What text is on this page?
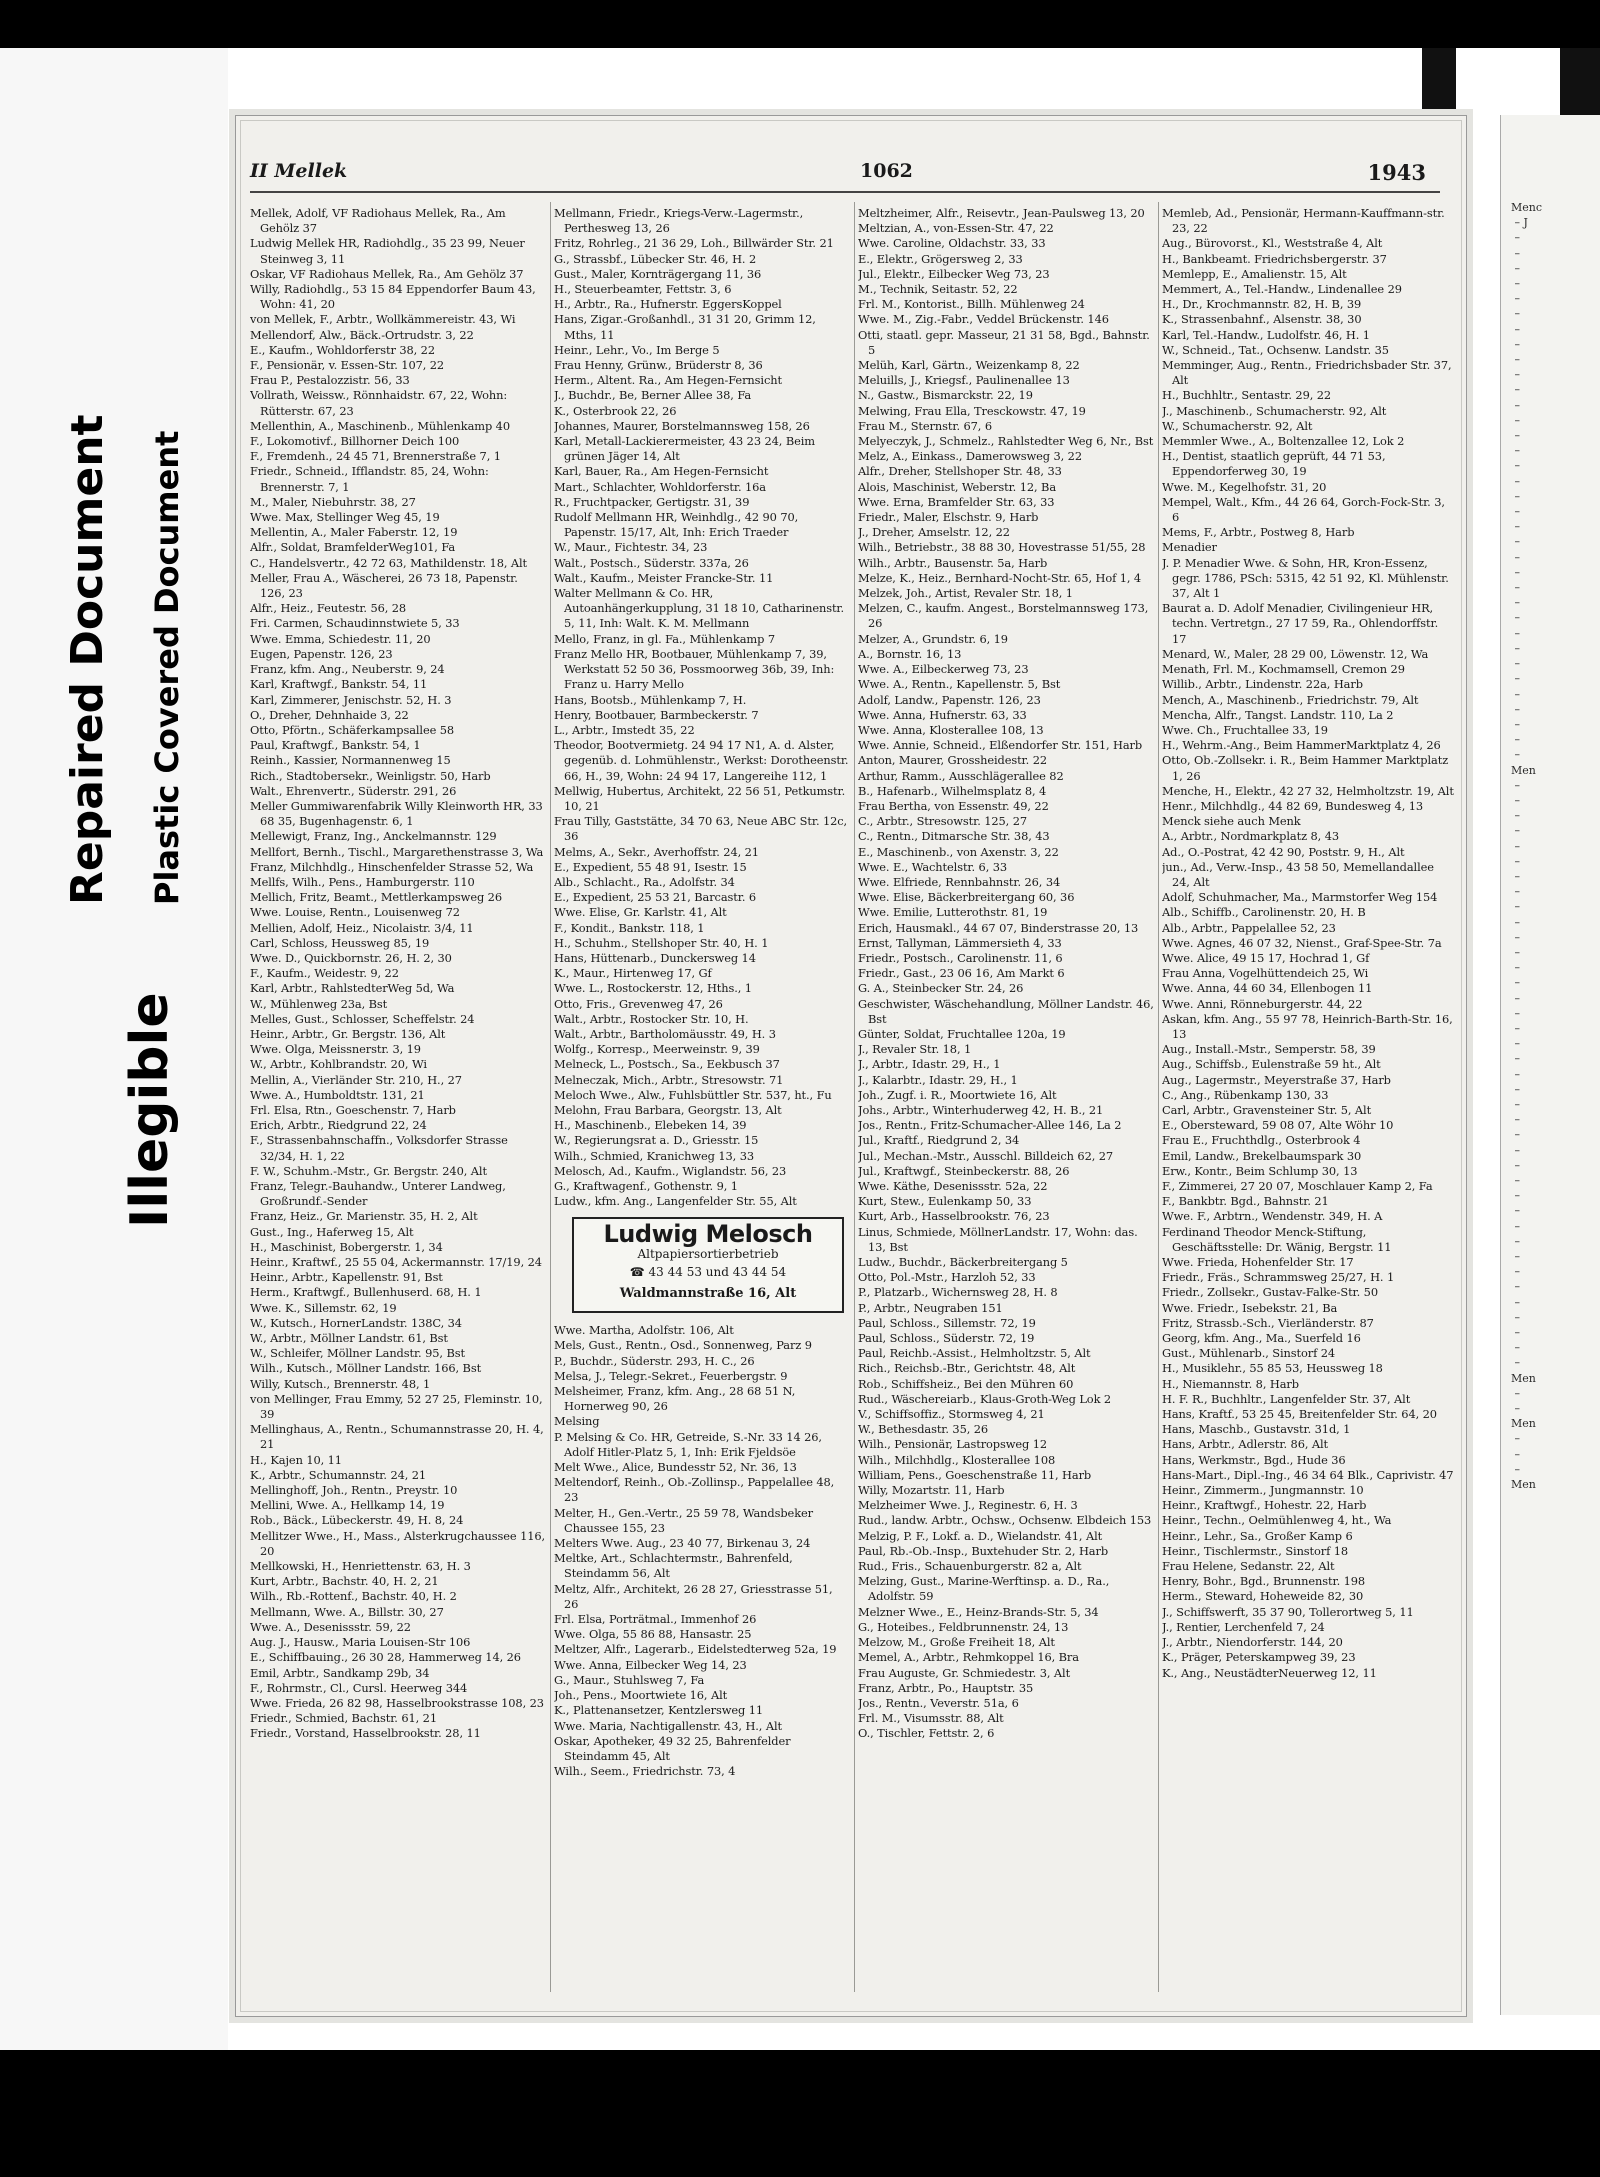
Repaired Document Plastic Covered Document
Illegible
II Mellek	1062	1943

Mellek, Adolf, VF Radiohaus Mellek, Ra., Am Gehölz 37

Ludwig Mellek HR, Radiohdlg., 35 23 99, Neuer Steinweg 3, 11

Oskar, VF Radiohaus Mellek, Ra., Am Gehölz 37

Willy, Radiohdlg., 53 15 84 Eppendorfer Baum 43, Wohn: 41, 20

von Mellek, F., Arbtr., Wollkämmereistr. 43, Wi

Mellendorf, Alw., Bäck.-Ortrudstr. 3, 22

E., Kaufm., Wohldorferstr 38, 22

F., Pensionär, v. Essen-Str. 107, 22

Frau P., Pestalozzistr. 56, 33

Vollrath, Weissw., Rönnhaidstr. 67, 22, Wohn: Rütterstr. 67, 23

Mellenthin, A., Maschinenb., Mühlenkamp 40

F., Lokomotivf., Billhorner Deich 100

F., Fremdenh., 24 45 71, Brennerstraße 7, 1

Friedr., Schneid., Ifflandstr. 85, 24, Wohn: Brennerstr. 7, 1

M., Maler, Niebuhrstr. 38, 27

Wwe. Max, Stellinger Weg 45, 19

Mellentin, A., Maler Faberstr. 12, 19

Alfr., Soldat, BramfelderWeg101, Fa

C., Handelsvertr., 42 72 63, Mathildenstr. 18, Alt

Meller, Frau A., Wäscherei, 26 73 18, Papenstr. 126, 23

Alfr., Heiz., Feutestr. 56, 28

Fri. Carmen, Schaudinnstwiete 5, 33

Wwe. Emma, Schiedestr. 11, 20

Eugen, Papenstr. 126, 23

Franz, kfm. Ang., Neuberstr. 9, 24

Karl, Kraftwgf., Bankstr. 54, 11

Karl, Zimmerer, Jenischstr. 52, H. 3

O., Dreher, Dehnhaide 3, 22

Otto, Pförtn., Schäferkampsallee 58

Paul, Kraftwgf., Bankstr. 54, 1

Reinh., Kassier, Normannenweg 15

Rich., Stadtobersekr., Weinligstr. 50, Harb

Walt., Ehrenvertr., Süderstr. 291, 26

Meller Gummiwarenfabrik Willy Kleinworth HR, 33 68 35, Bugenhagenstr. 6, 1

Mellewigt, Franz, Ing., Anckelmannstr. 129

Mellfort, Bernh., Tischl., Margarethenstrasse 3, Wa

Franz, Milchhdlg., Hinschenfelder Strasse 52, Wa

Mellfs, Wilh., Pens., Hamburgerstr. 110

Mellich, Fritz, Beamt., Mettlerkampsweg 26

Wwe. Louise, Rentn., Louisenweg 72

Mellien, Adolf, Heiz., Nicolaistr. 3/4, 11

Carl, Schloss, Heussweg 85, 19

Wwe. D., Quickbornstr. 26, H. 2, 30

F., Kaufm., Weidestr. 9, 22

Karl, Arbtr., RahlstedterWeg 5d, Wa

W., Mühlenweg 23a, Bst

Melles, Gust., Schlosser, Scheffelstr. 24

Heinr., Arbtr., Gr. Bergstr. 136, Alt

Wwe. Olga, Meissnerstr. 3, 19

W., Arbtr., Kohlbrandstr. 20, Wi

Mellin, A., Vierländer Str. 210, H., 27

Wwe. A., Humboldtstr. 131, 21

Frl. Elsa, Rtn., Goeschenstr. 7, Harb

Erich, Arbtr., Riedgrund 22, 24

F., Strassenbahnschaffn., Volksdorfer Strasse 32/34, H. 1, 22

F. W., Schuhm.-Mstr., Gr. Bergstr. 240, Alt

Franz, Telegr.-Bauhandw., Unterer Landweg, Großrundf.-Sender

Franz, Heiz., Gr. Marienstr. 35, H. 2, Alt

Gust., Ing., Haferweg 15, Alt

H., Maschinist, Bobergerstr. 1, 34

Heinr., Kraftwf., 25 55 04, Ackermannstr. 17/19, 24

Heinr., Arbtr., Kapellenstr. 91, Bst

Herm., Kraftwgf., Bullenhuserd. 68, H. 1

Wwe. K., Sillemstr. 62, 19

W., Kutsch., HornerLandstr. 138C, 34

W., Arbtr., Möllner Landstr. 61, Bst

W., Schleifer, Möllner Landstr. 95, Bst

Wilh., Kutsch., Möllner Landstr. 166, Bst

Willy, Kutsch., Brennerstr. 48, 1

von Mellinger, Frau Emmy, 52 27 25, Fleminstr. 10, 39

Mellinghaus, A., Rentn., Schumannstrasse 20, H. 4, 21

H., Kajen 10, 11

K., Arbtr., Schumannstr. 24, 21

Mellinghoff, Joh., Rentn., Preystr. 10

Mellini, Wwe. A., Hellkamp 14, 19

Rob., Bäck., Lübeckerstr. 49, H. 8, 24

Mellitzer Wwe., H., Mass., Alsterkrugchaussee 116, 20

Mellkowski, H., Henriettenstr. 63, H. 3

Kurt, Arbtr., Bachstr. 40, H. 2, 21

Wilh., Rb.-Rottenf., Bachstr. 40, H. 2

Mellmann, Wwe. A., Billstr. 30, 27

Wwe. A., Desenissstr. 59, 22

Aug. J., Hausw., Maria Louisen-Str 106

E., Schiffbauing., 26 30 28, Hammerweg 14, 26

Emil, Arbtr., Sandkamp 29b, 34

F., Rohrmstr., Cl., Cursl. Heerweg 344

Wwe. Frieda, 26 82 98, Hasselbrookstrasse 108, 23

Friedr., Schmied, Bachstr. 61, 21

Friedr., Vorstand, Hasselbrookstr. 28, 11

Mellmann, Friedr., Kriegs-Verw.-Lagermstr., Perthesweg 13, 26

Fritz, Rohrleg., 21 36 29, Loh., Billwärder Str. 21

G., Strassbf., Lübecker Str. 46, H. 2

Gust., Maler, Kornträgergang 11, 36

H., Steuerbeamter, Fettstr. 3, 6

H., Arbtr., Ra., Hufnerstr. EggersKoppel

Hans, Zigar.-Großanhdl., 31 31 20, Grimm 12, Mths, 11

Heinr., Lehr., Vo., Im Berge 5

Frau Henny, Grünw., Brüderstr 8, 36

Herm., Altent. Ra., Am Hegen-Fernsicht

J., Buchdr., Be, Berner Allee 38, Fa

K., Osterbrook 22, 26

Johannes, Maurer, Borstelmannsweg 158, 26

Karl, Metall-Lackierermeister, 43 23 24, Beim grünen Jäger 14, Alt

Karl, Bauer, Ra., Am Hegen-Fernsicht

Mart., Schlachter, Wohldorferstr. 16a

R., Fruchtpacker, Gertigstr. 31, 39

Rudolf Mellmann HR, Weinhdlg., 42 90 70, Papenstr. 15/17, Alt, Inh: Erich Traeder

W., Maur., Fichtestr. 34, 23

Walt., Postsch., Süderstr. 337a, 26

Walt., Kaufm., Meister Francke-Str. 11

Walter Mellmann & Co. HR, Autoanhängerkupplung, 31 18 10, Catharinenstr. 5, 11, Inh: Walt. K. M. Mellmann

Mello, Franz, in gl. Fa., Mühlenkamp 7

Franz Mello HR, Bootbauer, Mühlenkamp 7, 39, Werkstatt 52 50 36, Possmoorweg 36b, 39, Inh: Franz u. Harry Mello

Hans, Bootsb., Mühlenkamp 7, H.

Henry, Bootbauer, Barmbeckerstr. 7

L., Arbtr., Imstedt 35, 22

Theodor, Bootvermietg. 24 94 17 N1, A. d. Alster, gegenüb. d. Lohmühlenstr., Werkst: Dorotheenstr. 66, H., 39, Wohn: 24 94 17, Langereihe 112, 1

Mellwig, Hubertus, Architekt, 22 56 51, Petkumstr. 10, 21

Frau Tilly, Gaststätte, 34 70 63, Neue ABC Str. 12c, 36

Melms, A., Sekr., Averhoffstr. 24, 21

E., Expedient, 55 48 91, Isestr. 15

Alb., Schlacht., Ra., Adolfstr. 34

E., Expedient, 25 53 21, Barcastr. 6

Wwe. Elise, Gr. Karlstr. 41, Alt

F., Kondit., Bankstr. 118, 1

H., Schuhm., Stellshoper Str. 40, H. 1

Hans, Hüttenarb., Dunckersweg 14

K., Maur., Hirtenweg 17, Gf

Wwe. L., Rostockerstr. 12, Hths., 1

Otto, Fris., Grevenweg 47, 26

Walt., Arbtr., Rostocker Str. 10, H.

Walt., Arbtr., Bartholomäusstr. 49, H. 3

Wolfg., Korresp., Meerweinstr. 9, 39

Melneck, L., Postsch., Sa., Eekbusch 37

Melneczak, Mich., Arbtr., Stresowstr. 71

Meloch Wwe., Alw., Fuhlsbüttler Str. 537, ht., Fu

Melohn, Frau Barbara, Georgstr. 13, Alt

H., Maschinenb., Elebeken 14, 39

W., Regierungsrat a. D., Griesstr. 15

Wilh., Schmied, Kranichweg 13, 33

Melosch, Ad., Kaufm., Wiglandstr. 56, 23

G., Kraftwagenf., Gothenstr. 9, 1

Ludw., kfm. Ang., Langenfelder Str. 55, Alt

Ludwig Melosch
Altpapiersortierbetrieb
☎ 43 44 53 und 43 44 54
Waldmannstraße 16, Alt

Wwe. Martha, Adolfstr. 106, Alt

Mels, Gust., Rentn., Osd., Sonnenweg, Parz 9

P., Buchdr., Süderstr. 293, H. C., 26

Melsa, J., Telegr.-Sekret., Feuerbergstr. 9

Melsheimer, Franz, kfm. Ang., 28 68 51 N, Hornerweg 90, 26

Melsing

P. Melsing & Co. HR, Getreide, S.-Nr. 33 14 26, Adolf Hitler-Platz 5, 1, Inh: Erik Fjeldsöe

Melt Wwe., Alice, Bundesstr 52, Nr. 36, 13

Meltendorf, Reinh., Ob.-Zollinsp., Pappelallee 48, 23

Melter, H., Gen.-Vertr., 25 59 78, Wandsbeker Chaussee 155, 23

Melters Wwe. Aug., 23 40 77, Birkenau 3, 24

Meltke, Art., Schlachtermstr., Bahrenfeld, Steindamm 56, Alt

Meltz, Alfr., Architekt, 26 28 27, Griesstrasse 51, 26

Frl. Elsa, Porträtmal., Immenhof 26

Wwe. Olga, 55 86 88, Hansastr. 25

Meltzer, Alfr., Lagerarb., Eidelstedterweg 52a, 19

Wwe. Anna, Eilbecker Weg 14, 23

G., Maur., Stuhlsweg 7, Fa

Joh., Pens., Moortwiete 16, Alt

K., Plattenansetzer, Kentzlersweg 11

Wwe. Maria, Nachtigallenstr. 43, H., Alt

Oskar, Apotheker, 49 32 25, Bahrenfelder Steindamm 45, Alt

Wilh., Seem., Friedrichstr. 73, 4

Meltzheimer, Alfr., Reisevtr., Jean-Paulsweg 13, 20

Meltzian, A., von-Essen-Str. 47, 22

Wwe. Caroline, Oldachstr. 33, 33

E., Elektr., Grögersweg 2, 33

Jul., Elektr., Eilbecker Weg 73, 23

M., Technik, Seitastr. 52, 22

Frl. M., Kontorist., Billh. Mühlenweg 24

Wwe. M., Zig.-Fabr., Veddel Brückenstr. 146

Otti, staatl. gepr. Masseur, 21 31 58, Bgd., Bahnstr. 5

Melüh, Karl, Gärtn., Weizenkamp 8, 22

Meluills, J., Kriegsf., Paulinenallee 13

N., Gastw., Bismarckstr. 22, 19

Melwing, Frau Ella, Tresckowstr. 47, 19

Frau M., Sternstr. 67, 6

Melyeczyk, J., Schmelz., Rahlstedter Weg 6, Nr., Bst

Melz, A., Einkass., Damerowsweg 3, 22

Alfr., Dreher, Stellshoper Str. 48, 33

Alois, Maschinist, Weberstr. 12, Ba

Wwe. Erna, Bramfelder Str. 63, 33

Friedr., Maler, Elschstr. 9, Harb

J., Dreher, Amselstr. 12, 22

Wilh., Betriebstr., 38 88 30, Hovestrasse 51/55, 28

Wilh., Arbtr., Bausenstr. 5a, Harb

Melze, K., Heiz., Bernhard-Nocht-Str. 65, Hof 1, 4

Melzek, Joh., Artist, Revaler Str. 18, 1

Melzen, C., kaufm. Angest., Borstelmannsweg 173, 26

Melzer, A., Grundstr. 6, 19

A., Bornstr. 16, 13

Wwe. A., Eilbeckerweg 73, 23

Wwe. A., Rentn., Kapellenstr. 5, Bst

Adolf, Landw., Papenstr. 126, 23

Wwe. Anna, Hufnerstr. 63, 33

Wwe. Anna, Klosterallee 108, 13

Wwe. Annie, Schneid., Elßendorfer Str. 151, Harb

Anton, Maurer, Grossheidestr. 22

Arthur, Ramm., Ausschlägerallee 82

B., Hafenarb., Wilhelmsplatz 8, 4

Frau Bertha, von Essenstr. 49, 22

C., Arbtr., Stresowstr. 125, 27

C., Rentn., Ditmarsche Str. 38, 43

E., Maschinenb., von Axenstr. 3, 22

Wwe. E., Wachtelstr. 6, 33

Wwe. Elfriede, Rennbahnstr. 26, 34

Wwe. Elise, Bäckerbreitergang 60, 36

Wwe. Emilie, Lutterothstr. 81, 19

Erich, Hausmakl., 44 67 07, Binderstrasse 20, 13

Ernst, Tallyman, Lämmersieth 4, 33

Friedr., Postsch., Carolinenstr. 11, 6

Friedr., Gast., 23 06 16, Am Markt 6

G. A., Steinbecker Str. 24, 26

Geschwister, Wäschehandlung, Möllner Landstr. 46, Bst

Günter, Soldat, Fruchtallee 120a, 19

J., Revaler Str. 18, 1

J., Arbtr., Idastr. 29, H., 1

J., Kalarbtr., Idastr. 29, H., 1

Joh., Zugf. i. R., Moortwiete 16, Alt

Johs., Arbtr., Winterhuderweg 42, H. B., 21

Jos., Rentn., Fritz-Schumacher-Allee 146, La 2

Jul., Kraftf., Riedgrund 2, 34

Jul., Mechan.-Mstr., Ausschl. Billdeich 62, 27

Jul., Kraftwgf., Steinbeckerstr. 88, 26

Wwe. Käthe, Desenissstr. 52a, 22

Kurt, Stew., Eulenkamp 50, 33

Kurt, Arb., Hasselbrookstr. 76, 23

Linus, Schmiede, MöllnerLandstr. 17, Wohn: das. 13, Bst

Ludw., Buchdr., Bäckerbreitergang 5

Otto, Pol.-Mstr., Harzloh 52, 33

P., Platzarb., Wichernsweg 28, H. 8

P., Arbtr., Neugraben 151

Paul, Schloss., Sillemstr. 72, 19

Paul, Schloss., Süderstr. 72, 19

Paul, Reichb.-Assist., Helmholtzstr. 5, Alt

Rich., Reichsb.-Btr., Gerichtstr. 48, Alt

Rob., Schiffsheiz., Bei den Mühren 60

Rud., Wäschereiarb., Klaus-Groth-Weg Lok 2

V., Schiffsoffiz., Stormsweg 4, 21

W., Bethesdastr. 35, 26

Wilh., Pensionär, Lastropsweg 12

Wilh., Milchhdlg., Klosterallee 108

William, Pens., Goeschenstraße 11, Harb

Willy, Mozartstr. 11, Harb

Melzheimer Wwe. J., Reginestr. 6, H. 3

Rud., landw. Arbtr., Ochsw., Ochsenw. Elbdeich 153

Melzig, P. F., Lokf. a. D., Wielandstr. 41, Alt

Paul, Rb.-Ob.-Insp., Buxtehuder Str. 2, Harb

Rud., Fris., Schauenburgerstr. 82 a, Alt

Melzing, Gust., Marine-Werftinsp. a. D., Ra., Adolfstr. 59

Melzner Wwe., E., Heinz-Brands-Str. 5, 34

G., Hoteibes., Feldbrunnenstr. 24, 13

Melzow, M., Große Freiheit 18, Alt

Memel, A., Arbtr., Rehmkoppel 16, Bra

Frau Auguste, Gr. Schmiedestr. 3, Alt

Franz, Arbtr., Po., Hauptstr. 35

Jos., Rentn., Veverstr. 51a, 6

Frl. M., Visumsstr. 88, Alt

O., Tischler, Fettstr. 2, 6

Memleb, Ad., Pensionär, Hermann-Kauffmann-str. 23, 22

Aug., Bürovorst., Kl., Weststraße 4, Alt

H., Bankbeamt. Friedrichsbergerstr. 37

Memlepp, E., Amalienstr. 15, Alt

Memmert, A., Tel.-Handw., Lindenallee 29

H., Dr., Krochmannstr. 82, H. B, 39

K., Strassenbahnf., Alsenstr. 38, 30

Karl, Tel.-Handw., Ludolfstr. 46, H. 1

W., Schneid., Tat., Ochsenw. Landstr. 35

Memminger, Aug., Rentn., Friedrichsbader Str. 37, Alt

H., Buchhltr., Sentastr. 29, 22

J., Maschinenb., Schumacherstr. 92, Alt

W., Schumacherstr. 92, Alt

Memmler Wwe., A., Boltenzallee 12, Lok 2

H., Dentist, staatlich geprüft, 44 71 53, Eppendorferweg 30, 19

Wwe. M., Kegelhofstr. 31, 20

Mempel, Walt., Kfm., 44 26 64, Gorch-Fock-Str. 3, 6

Mems, F., Arbtr., Postweg 8, Harb

Menadier

J. P. Menadier Wwe. & Sohn, HR, Kron-Essenz, gegr. 1786, PSch: 5315, 42 51 92, Kl. Mühlenstr. 37, Alt 1

Baurat a. D. Adolf Menadier, Civilingenieur HR, techn. Vertretgn., 27 17 59, Ra., Ohlendorffstr. 17

Menard, W., Maler, 28 29 00, Löwenstr. 12, Wa

Menath, Frl. M., Kochmamsell, Cremon 29

Willib., Arbtr., Lindenstr. 22a, Harb

Mench, A., Maschinenb., Friedrichstr. 79, Alt

Mencha, Alfr., Tangst. Landstr. 110, La 2

Wwe. Ch., Fruchtallee 33, 19

H., Wehrm.-Ang., Beim HammerMarktplatz 4, 26

Otto, Ob.-Zollsekr. i. R., Beim Hammer Marktplatz 1, 26

Menche, H., Elektr., 42 27 32, Helmholtzstr. 19, Alt

Henr., Milchhdlg., 44 82 69, Bundesweg 4, 13

Menck siehe auch Menk

A., Arbtr., Nordmarkplatz 8, 43

Ad., O.-Postrat, 42 42 90, Poststr. 9, H., Alt

jun., Ad., Verw.-Insp., 43 58 50, Memellandallee 24, Alt

Adolf, Schuhmacher, Ma., Marmstorfer Weg 154

Alb., Schiffb., Carolinenstr. 20, H. B

Alb., Arbtr., Pappelallee 52, 23

Wwe. Agnes, 46 07 32, Nienst., Graf-Spee-Str. 7a

Wwe. Alice, 49 15 17, Hochrad 1, Gf

Frau Anna, Vogelhüttendeich 25, Wi

Wwe. Anna, 44 60 34, Ellenbogen 11

Wwe. Anni, Rönneburgerstr. 44, 22

Askan, kfm. Ang., 55 97 78, Heinrich-Barth-Str. 16, 13

Aug., Install.-Mstr., Semperstr. 58, 39

Aug., Schiffsb., Eulenstraße 59 ht., Alt

Aug., Lagermstr., Meyerstraße 37, Harb

C., Ang., Rübenkamp 130, 33

Carl, Arbtr., Gravensteiner Str. 5, Alt

E., Obersteward, 59 08 07, Alte Wöhr 10

Frau E., Fruchthdlg., Osterbrook 4

Emil, Landw., Brekelbaumspark 30

Erw., Kontr., Beim Schlump 30, 13

F., Zimmerei, 27 20 07, Moschlauer Kamp 2, Fa

F., Bankbtr. Bgd., Bahnstr. 21

Wwe. F., Arbtrn., Wendenstr. 349, H. A

Ferdinand Theodor Menck-Stiftung, Geschäftsstelle: Dr. Wänig, Bergstr. 11

Wwe. Frieda, Hohenfelder Str. 17

Friedr., Fräs., Schrammsweg 25/27, H. 1

Friedr., Zollsekr., Gustav-Falke-Str. 50

Wwe. Friedr., Isebekstr. 21, Ba

Fritz, Strassb.-Sch., Vierländerstr. 87

Georg, kfm. Ang., Ma., Suerfeld 16

Gust., Mühlenarb., Sinstorf 24

H., Musiklehr., 55 85 53, Heussweg 18

H., Niemannstr. 8, Harb

H. F. R., Buchhltr., Langenfelder Str. 37, Alt

Hans, Kraftf., 53 25 45, Breitenfelder Str. 64, 20

Hans, Maschb., Gustavstr. 31d, 1

Hans, Arbtr., Adlerstr. 86, Alt

Hans, Werkmstr., Bgd., Hude 36

Hans-Mart., Dipl.-Ing., 46 34 64 Blk., Caprivistr. 47

Heinr., Zimmerm., Jungmannstr. 10

Heinr., Kraftwgf., Hohestr. 22, Harb

Heinr., Techn., Oelmühlenweg 4, ht., Wa

Heinr., Lehr., Sa., Großer Kamp 6

Heinr., Tischlermstr., Sinstorf 18

Frau Helene, Sedanstr. 22, Alt

Henry, Bohr., Bgd., Brunnenstr. 198

Herm., Steward, Hoheweide 82, 30

J., Schiffswerft, 35 37 90, Tollerortweg 5, 11

J., Rentier, Lerchenfeld 7, 24

J., Arbtr., Niendorferstr. 144, 20

K., Präger, Peterskampweg 39, 23

K., Ang., NeustädterNeuerweg 12, 11

Menc
– J
–
–
–
–
–
–
–
–
–
–
–
–
–
–
–
–
–
–
–
–
–
–
–
–
–
–
–
–
–
–
–
–
–
–
–
Men
–
–
–
–
–
–
–
–
–
–
–
–
–
–
–
–
–
–
–
–
–
–
–
–
–
–
–
–
–
–
–
–
–
–
–
–
–
–
–
Men
–
–
Men
–
–
–
Men
